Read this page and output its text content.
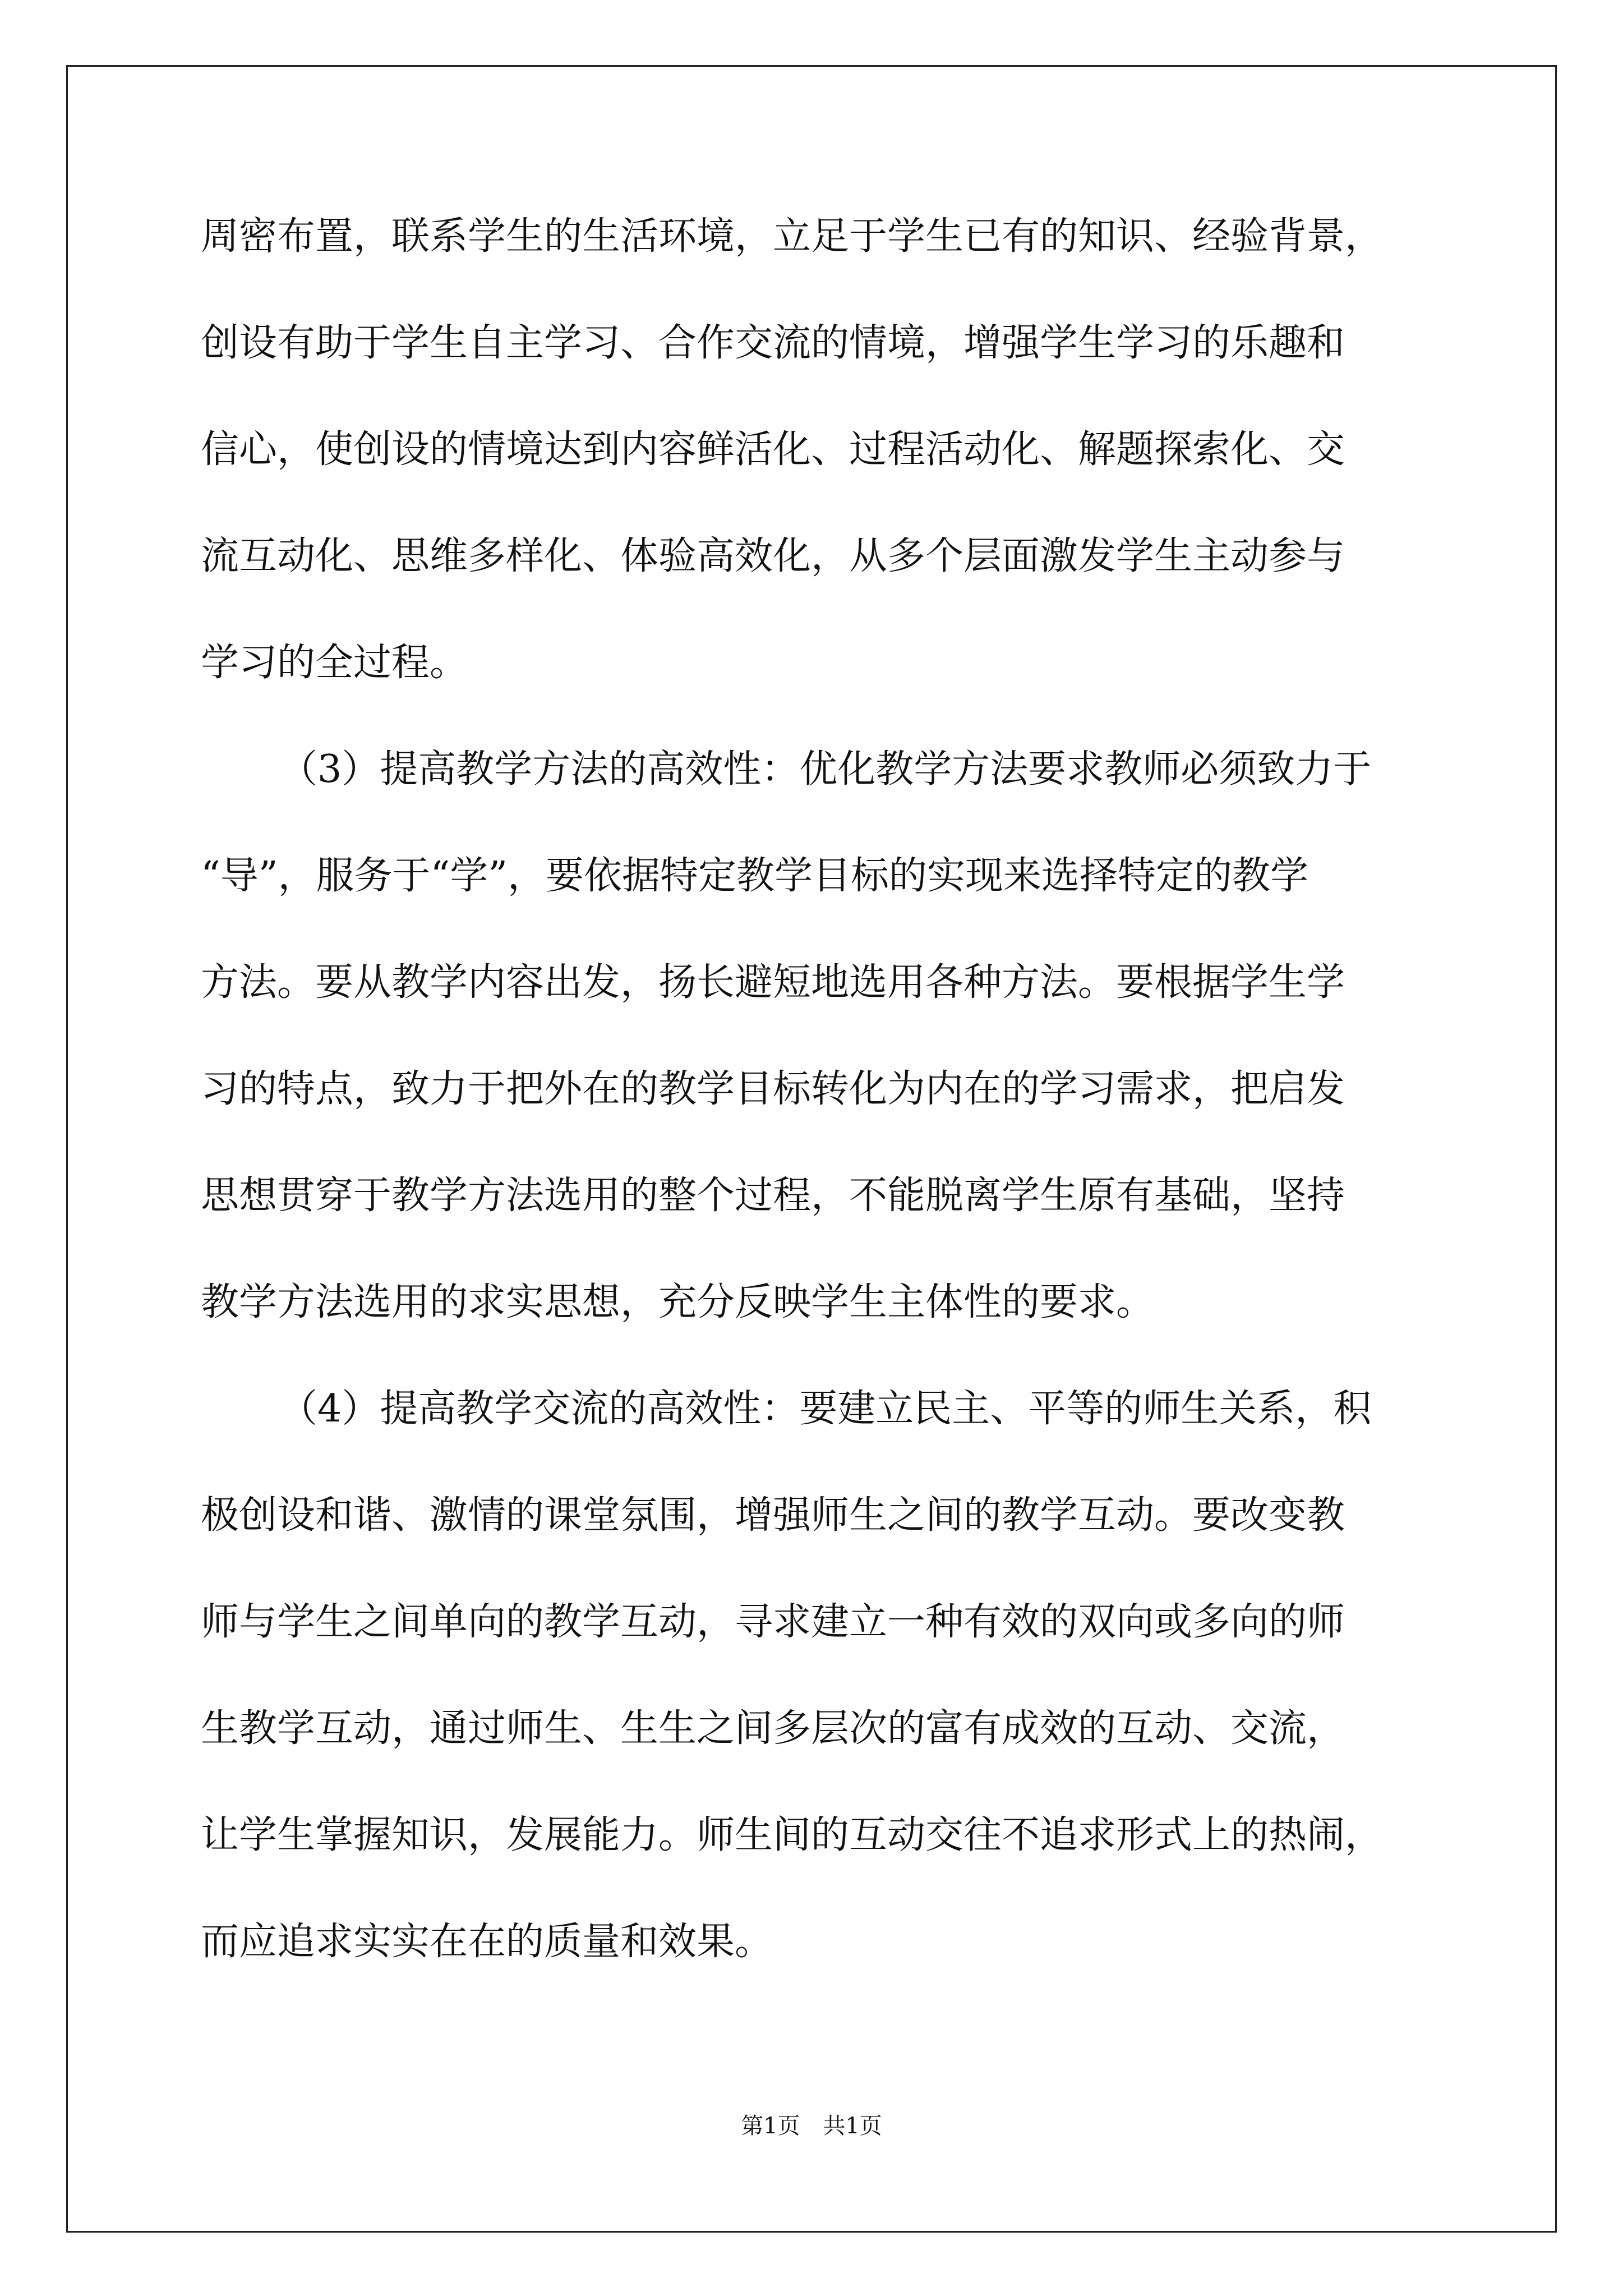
周密布置，联系学生的生活环境，立足于学生已有的知识、经验背景，
创设有助于学生自主学习、合作交流的情境，增强学生学习的乐趣和
信心，使创设的情境达到内容鲜活化、过程活动化、解题探索化、交
流互动化、思维多样化、体验高效化，从多个层面激发学生主动参与
学习的全过程。
（3）提高教学方法的高效性：优化教学方法要求教师必须致力于
“导”，服务于“学”，要依据特定教学目标的实现来选择特定的教学
方法。要从教学内容出发，扬长避短地选用各种方法。要根据学生学
习的特点，致力于把外在的教学目标转化为内在的学习需求，把启发
思想贯穿于教学方法选用的整个过程，不能脱离学生原有基础，坚持
教学方法选用的求实思想，充分反映学生主体性的要求。
（4）提高教学交流的高效性：要建立民主、平等的师生关系，积
极创设和谐、激情的课堂氛围，增强师生之间的教学互动。要改变教
师与学生之间单向的教学互动，寻求建立一种有效的双向或多向的师
生教学互动，通过师生、生生之间多层次的富有成效的互动、交流，
让学生掌握知识，发展能力。师生间的互动交往不追求形式上的热闹，
而应追求实实在在的质量和效果。
第1页 共1页
